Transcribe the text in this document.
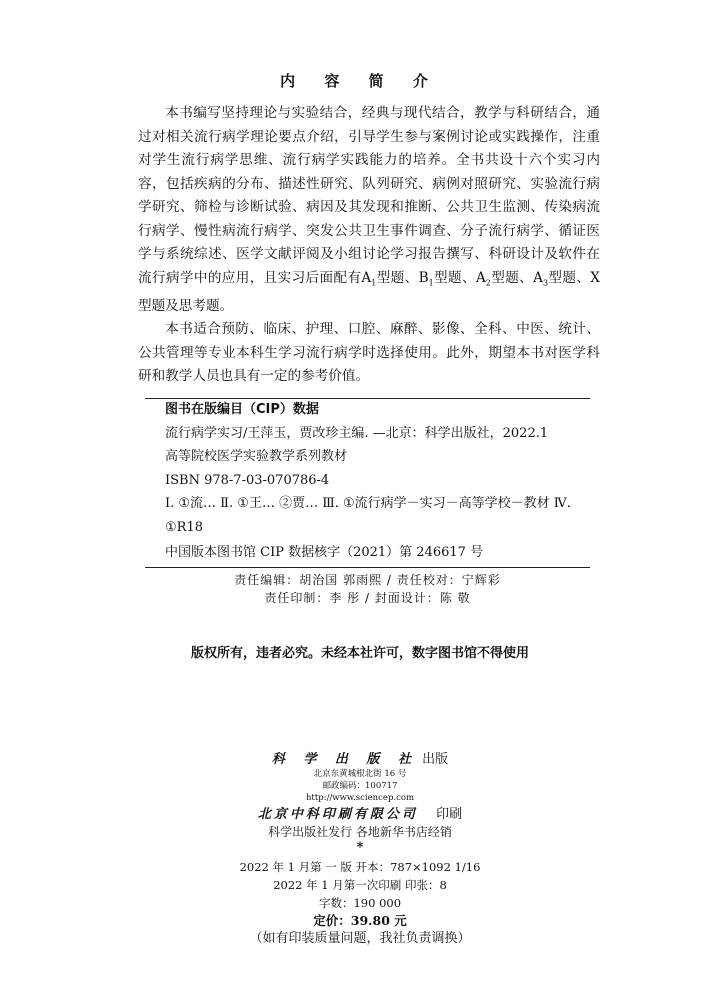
内 容 简 介

本书编写坚持理论与实验结合，经典与现代结合，教学与科研结合，通过对相关流行病学理论要点介绍，引导学生参与案例讨论或实践操作，注重对学生流行病学思维、流行病学实践能力的培养。全书共设十六个实习内容，包括疾病的分布、描述性研究、队列研究、病例对照研究、实验流行病学研究、筛检与诊断试验、病因及其发现和推断、公共卫生监测、传染病流行病学、慢性病流行病学、突发公共卫生事件调查、分子流行病学、循证医学与系统综述、医学文献评阅及小组讨论学习报告撰写、科研设计及软件在流行病学中的应用，且实习后面配有$A_1$型题、$B_1$型题、$A_2$型题、$A_3$型题、X 型题及思考题。

本书适合预防、临床、护理、口腔、麻醉、影像、全科、中医、统计、公共管理等专业本科生学习流行病学时选择使用。此外，期望本书对医学科研和教学人员也具有一定的参考价值。

图书在版编目（CIP）数据
流行病学实习/王萍玉，贾改珍主编. —北京：科学出版社，2022.1
高等院校医学实验教学系列教材
ISBN 978-7-03-070786-4
Ⅰ. ①流… Ⅱ. ①王… ②贾… Ⅲ. ①流行病学－实习－高等学校－教材 Ⅳ. ①R18
中国版本图书馆 CIP 数据核字（2021）第 246617 号
责任编辑：胡治国 郭雨熙 / 责任校对：宁辉彩
责任印制：李 彤 / 封面设计：陈 敬
版权所有，违者必究。未经本社许可，数字图书馆不得使用
科 学 出 版 社 出版
北京东黄城根北街 16 号
邮政编码：100717
http://www.sciencep.com
北京中科印刷有限公司 印刷
科学出版社发行 各地新华书店经销
*
2022 年 1 月第 一 版 开本：787×1092 1/16
2022 年 1 月第一次印刷 印张：8
字数：190 000
定价：39.80 元
（如有印装质量问题，我社负责调换）
